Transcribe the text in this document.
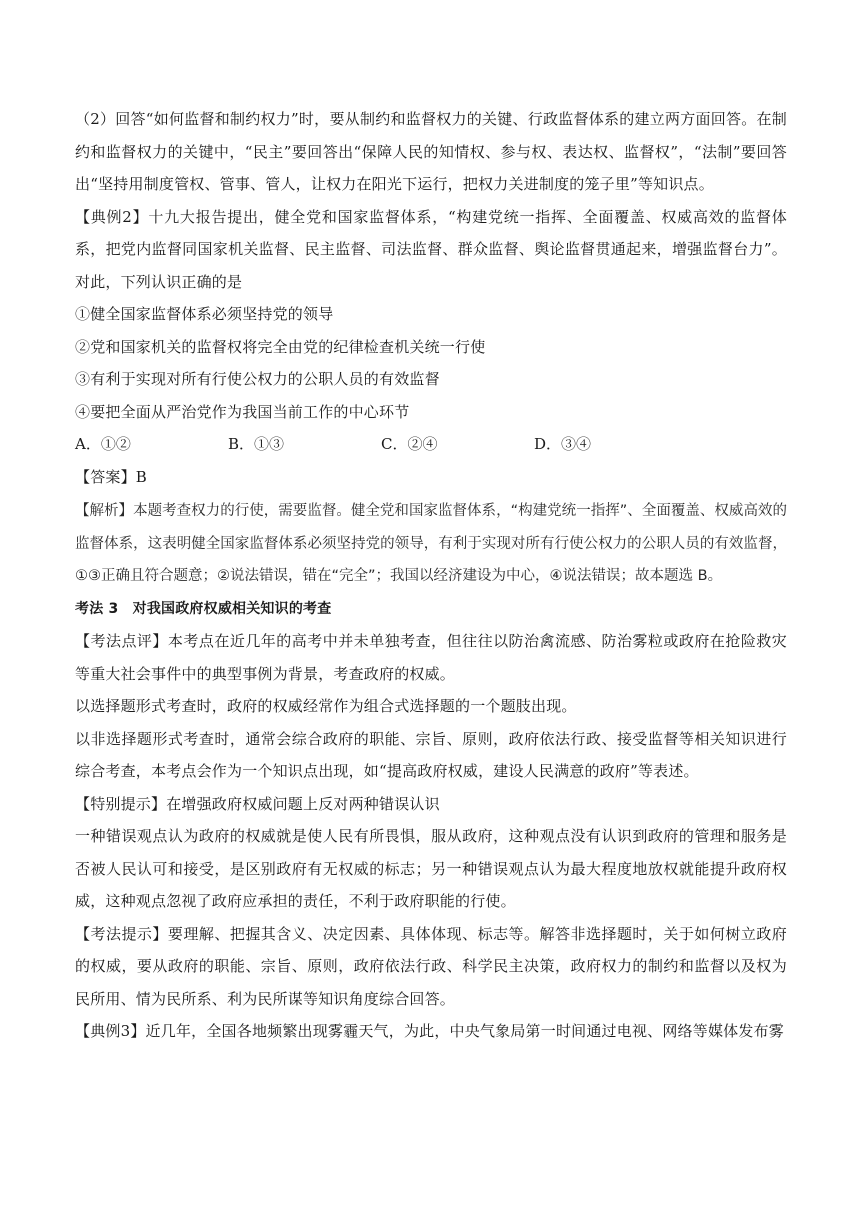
（2）回答“如何监督和制约权力”时，要从制约和监督权力的关键、行政监督体系的建立两方面回答。在制约和监督权力的关键中，“民主”要回答出“保障人民的知情权、参与权、表达权、监督权”，“法制”要回答出“坚持用制度管权、管事、管人，让权力在阳光下运行，把权力关进制度的笼子里”等知识点。

【典例2】十九大报告提出，健全党和国家监督体系，“构建党统一指挥、全面覆盖、权威高效的监督体系，把党内监督同国家机关监督、民主监督、司法监督、群众监督、舆论监督贯通起来，增强监督台力”。对此，下列认识正确的是

①健全国家监督体系必须坚持党的领导

②党和国家机关的监督权将完全由党的纪律检查机关统一行使

③有利于实现对所有行使公权力的公职人员的有效监督

④要把全面从严治党作为我国当前工作的中心环节

A．①②	B．①③	C．②④	D．③④

【答案】B

【解析】本题考查权力的行使，需要监督。健全党和国家监督体系，“构建党统一指挥”、全面覆盖、权威高效的监督体系，这表明健全国家监督体系必须坚持党的领导，有利于实现对所有行使公权力的公职人员的有效监督，①③正确且符合题意；②说法错误，错在“完全”；我国以经济建设为中心，④说法错误；故本题选 B。

考法 3　对我国政府权威相关知识的考查

【考法点评】本考点在近几年的高考中并未单独考查，但往往以防治禽流感、防治雾粒或政府在抢险救灾等重大社会事件中的典型事例为背景，考查政府的权威。

以选择题形式考查时，政府的权威经常作为组合式选择题的一个题肢出现。

以非选择题形式考查时，通常会综合政府的职能、宗旨、原则，政府依法行政、接受监督等相关知识进行综合考查，本考点会作为一个知识点出现，如“提高政府权威，建设人民满意的政府”等表述。

【特别提示】在增强政府权威问题上反对两种错误认识

一种错误观点认为政府的权威就是使人民有所畏惧，服从政府，这种观点没有认识到政府的管理和服务是否被人民认可和接受，是区别政府有无权威的标志；另一种错误观点认为最大程度地放权就能提升政府权威，这种观点忽视了政府应承担的责任，不利于政府职能的行使。

【考法提示】要理解、把握其含义、决定因素、具体体现、标志等。解答非选择题时，关于如何树立政府的权威，要从政府的职能、宗旨、原则，政府依法行政、科学民主决策，政府权力的制约和监督以及权为民所用、情为民所系、利为民所谋等知识角度综合回答。

【典例3】近几年，全国各地频繁出现雾霾天气，为此，中央气象局第一时间通过电视、网络等媒体发布雾
